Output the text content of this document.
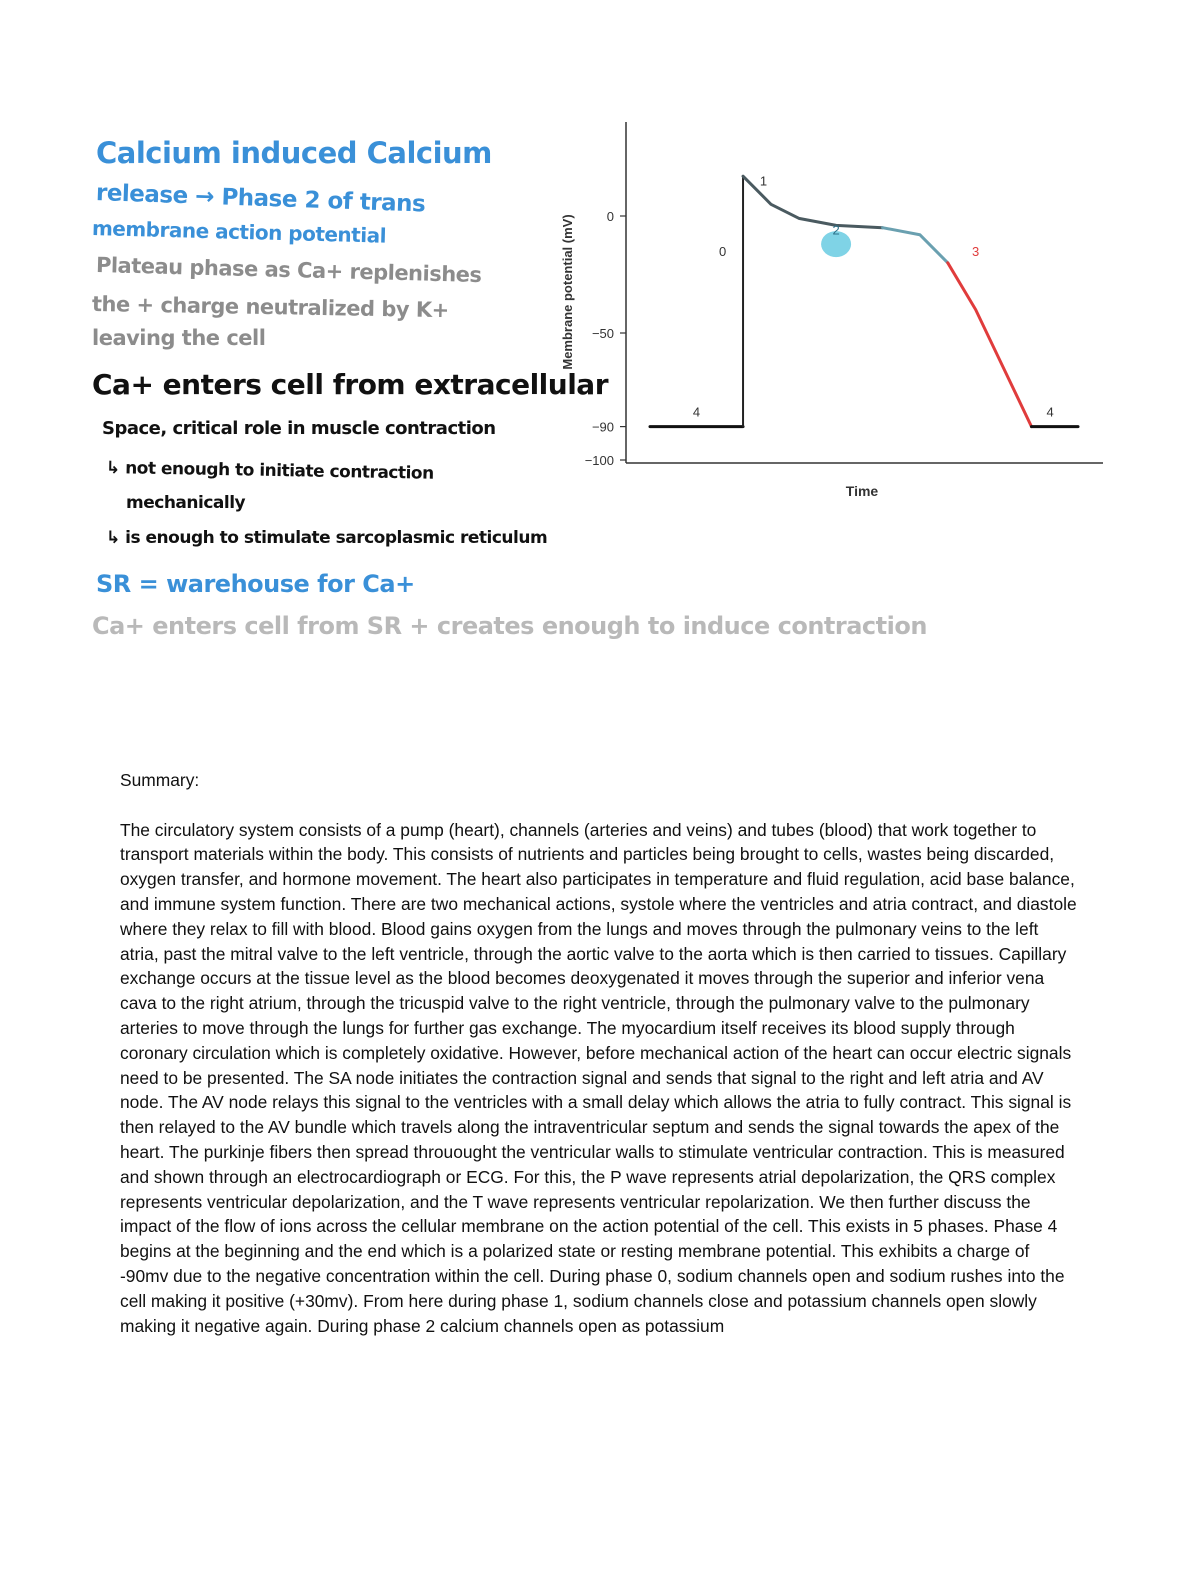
Calcium induced Calcium
release → Phase 2 of trans
membrane action potential
Plateau phase as Ca+ replenishes
the + charge neutralized by K+
leaving the cell
Ca+ enters cell from extracellular
Space, critical role in muscle contraction
↳ not enough to initiate contraction
mechanically
↳ is enough to stimulate sarcoplasmic reticulum
SR = warehouse for Ca+
Ca+ enters cell from SR + creates enough to induce contraction
Membrane potential (mV)
Time
0
−50
−90
−100
4
0
1
2
3
4

Summary:

The circulatory system consists of a pump (heart), channels (arteries and veins) and tubes (blood) that work together to transport materials within the body. This consists of nutrients and particles being brought to cells, wastes being discarded, oxygen transfer, and hormone movement. The heart also participates in temperature and fluid regulation, acid base balance, and immune system function. There are two mechanical actions, systole where the ventricles and atria contract, and diastole where they relax to fill with blood. Blood gains oxygen from the lungs and moves through the pulmonary veins to the left atria, past the mitral valve to the left ventricle, through the aortic valve to the aorta which is then carried to tissues. Capillary exchange occurs at the tissue level as the blood becomes deoxygenated it moves through the superior and inferior vena cava to the right atrium, through the tricuspid valve to the right ventricle, through the pulmonary valve to the pulmonary arteries to move through the lungs for further gas exchange. The myocardium itself receives its blood supply through coronary circulation which is completely oxidative. However, before mechanical action of the heart can occur electric signals need to be presented. The SA node initiates the contraction signal and sends that signal to the right and left atria and AV node. The AV node relays this signal to the ventricles with a small delay which allows the atria to fully contract. This signal is then relayed to the AV bundle which travels along the intraventricular septum and sends the signal towards the apex of the heart. The purkinje fibers then spread throuought the ventricular walls to stimulate ventricular contraction. This is measured and shown through an electrocardiograph or ECG. For this, the P wave represents atrial depolarization, the QRS complex represents ventricular depolarization, and the T wave represents ventricular repolarization. We then further discuss the impact of the flow of ions across the cellular membrane on the action potential of the cell. This exists in 5 phases. Phase 4 begins at the beginning and the end which is a polarized state or resting membrane potential. This exhibits a charge of -90mv due to the negative concentration within the cell. During phase 0, sodium channels open and sodium rushes into the cell making it positive (+30mv). From here during phase 1, sodium channels close and potassium channels open slowly making it negative again. During phase 2 calcium channels open as potassium
